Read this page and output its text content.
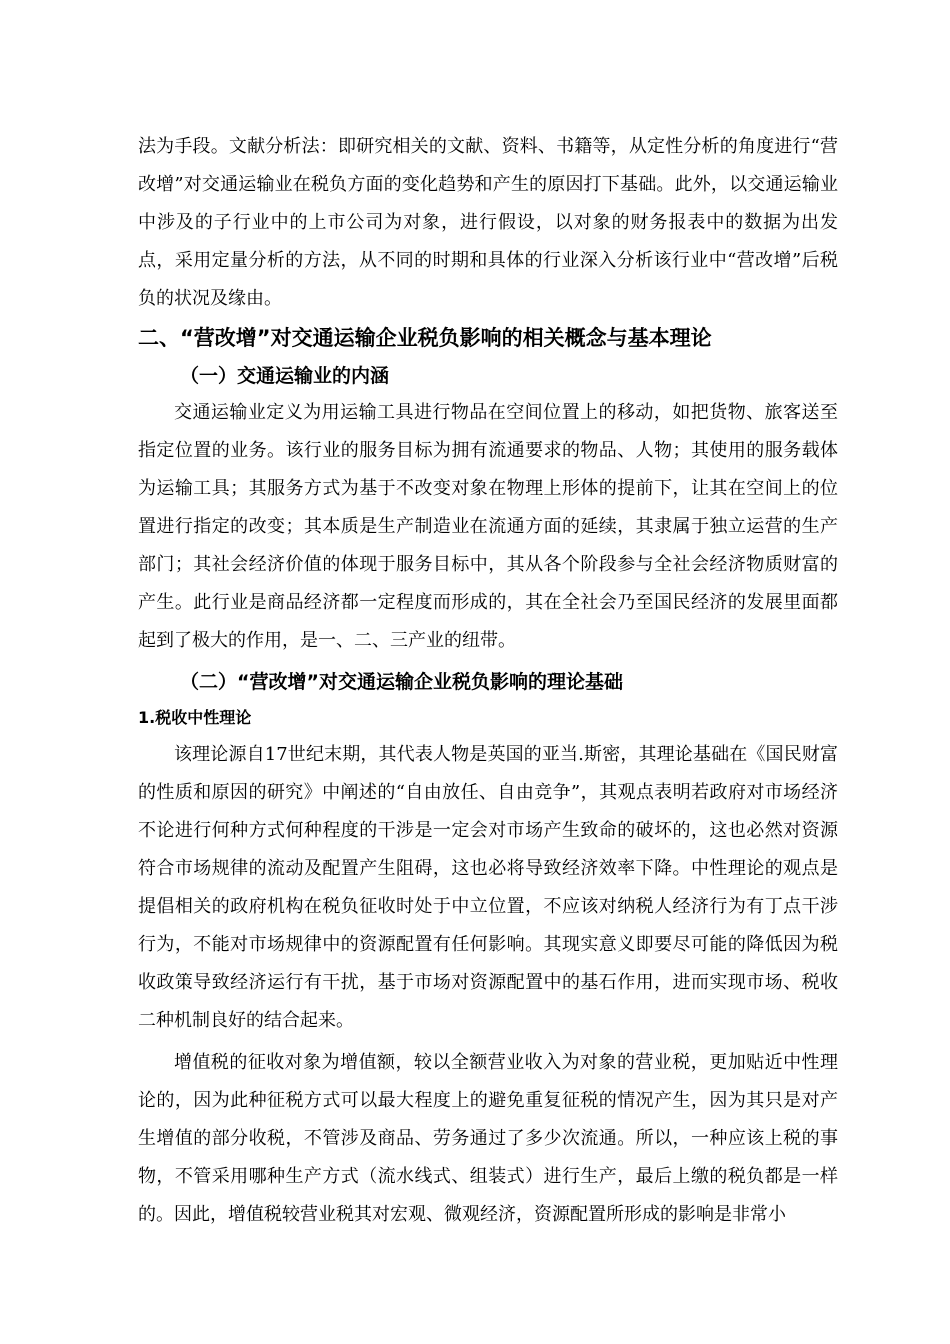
法为手段。文献分析法：即研究相关的文献、资料、书籍等，从定性分析的角度进行“营改增”对交通运输业在税负方面的变化趋势和产生的原因打下基础。此外，以交通运输业中涉及的子行业中的上市公司为对象，进行假设，以对象的财务报表中的数据为出发点，采用定量分析的方法，从不同的时期和具体的行业深入分析该行业中“营改增”后税负的状况及缘由。

二、“营改增”对交通运输企业税负影响的相关概念与基本理论
（一）交通运输业的内涵

交通运输业定义为用运输工具进行物品在空间位置上的移动，如把货物、旅客送至指定位置的业务。该行业的服务目标为拥有流通要求的物品、人物；其使用的服务载体为运输工具；其服务方式为基于不改变对象在物理上形体的提前下，让其在空间上的位置进行指定的改变；其本质是生产制造业在流通方面的延续，其隶属于独立运营的生产部门；其社会经济价值的体现于服务目标中，其从各个阶段参与全社会经济物质财富的产生。此行业是商品经济都一定程度而形成的，其在全社会乃至国民经济的发展里面都起到了极大的作用，是一、二、三产业的纽带。

（二）“营改增”对交通运输企业税负影响的理论基础
1.税收中性理论

该理论源自17世纪末期，其代表人物是英国的亚当.斯密，其理论基础在《国民财富的性质和原因的研究》中阐述的“自由放任、自由竞争”，其观点表明若政府对市场经济不论进行何种方式何种程度的干涉是一定会对市场产生致命的破坏的，这也必然对资源符合市场规律的流动及配置产生阻碍，这也必将导致经济效率下降。中性理论的观点是提倡相关的政府机构在税负征收时处于中立位置，不应该对纳税人经济行为有丁点干涉行为，不能对市场规律中的资源配置有任何影响。其现实意义即要尽可能的降低因为税收政策导致经济运行有干扰，基于市场对资源配置中的基石作用，进而实现市场、税收二种机制良好的结合起来。

增值税的征收对象为增值额，较以全额营业收入为对象的营业税，更加贴近中性理论的，因为此种征税方式可以最大程度上的避免重复征税的情况产生，因为其只是对产生增值的部分收税，不管涉及商品、劳务通过了多少次流通。所以，一种应该上税的事物，不管采用哪种生产方式（流水线式、组装式）进行生产，最后上缴的税负都是一样的。因此，增值税较营业税其对宏观、微观经济，资源配置所形成的影响是非常小
